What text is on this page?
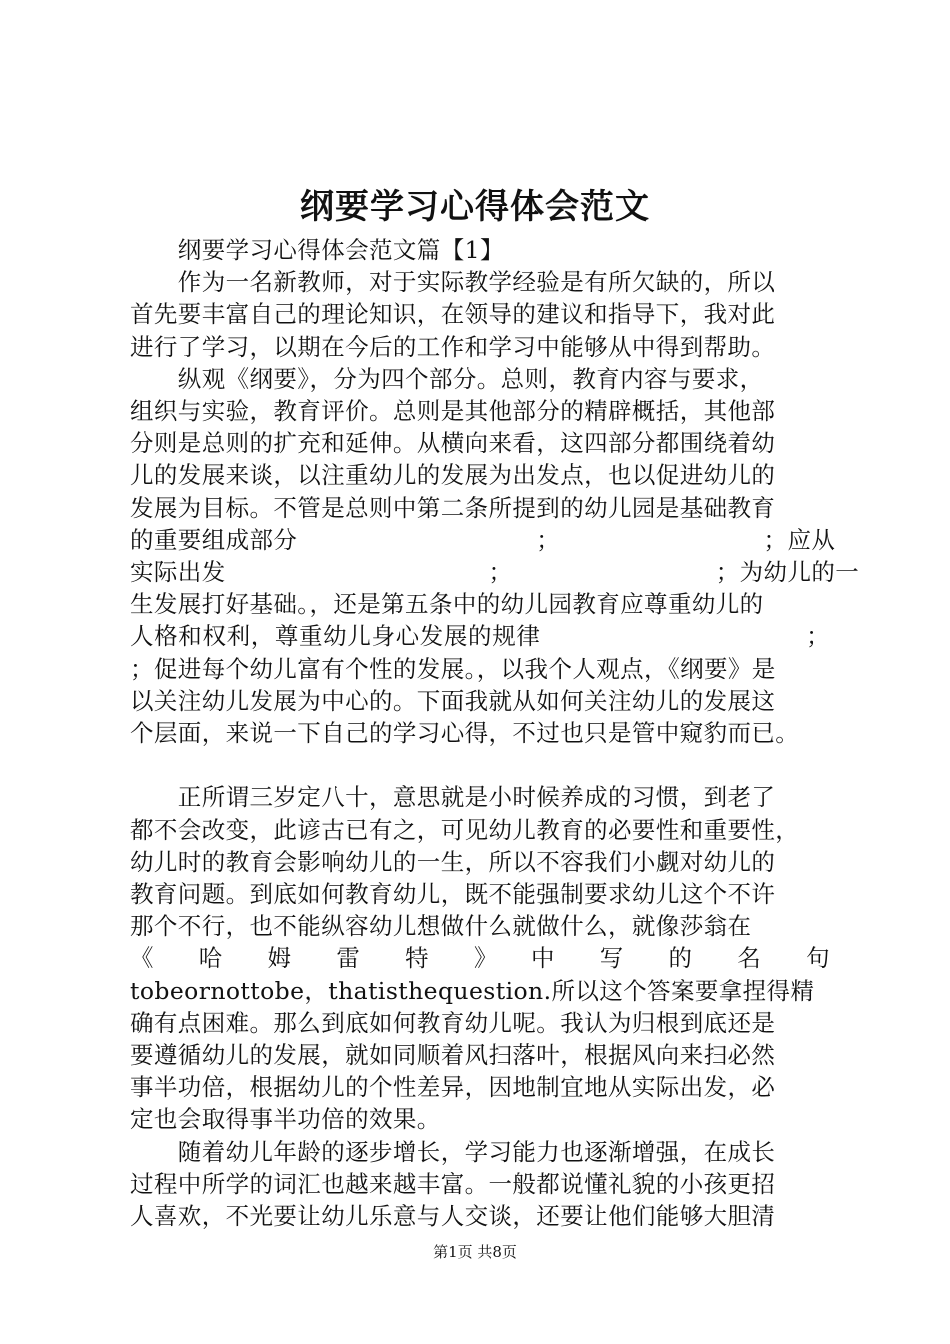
纲要学习心得体会范文
　　纲要学习心得体会范文篇【1】
　　作为一名新教师，对于实际教学经验是有所欠缺的，所以
首先要丰富自己的理论知识，在领导的建议和指导下，我对此
进行了学习，以期在今后的工作和学习中能够从中得到帮助。
　　纵观《纲要》，分为四个部分。总则，教育内容与要求，
组织与实验，教育评价。总则是其他部分的精辟概括，其他部
分则是总则的扩充和延伸。从横向来看，这四部分都围绕着幼
儿的发展来谈，以注重幼儿的发展为出发点，也以促进幼儿的
发展为目标。不管是总则中第二条所提到的幼儿园是基础教育
的重要组成部分　　　　　　　　　　；　　　　　　　　　；应从
实际出发　　　　　　　　　　　；　　　　　　　　　；为幼儿的一
生发展打好基础。，还是第五条中的幼儿园教育应尊重幼儿的
人格和权利，尊重幼儿身心发展的规律　　　　　　　　　　　；
；促进每个幼儿富有个性的发展。，以我个人观点，《纲要》是
以关注幼儿发展为中心的。下面我就从如何关注幼儿的发展这
个层面，来说一下自己的学习心得，不过也只是管中窥豹而已。
　　正所谓三岁定八十，意思就是小时候养成的习惯，到老了
都不会改变，此谚古已有之，可见幼儿教育的必要性和重要性，
幼儿时的教育会影响幼儿的一生，所以不容我们小觑对幼儿的
教育问题。到底如何教育幼儿，既不能强制要求幼儿这个不许
那个不行，也不能纵容幼儿想做什么就做什么，就像莎翁在
《　哈　姆　雷　特　》　中　写　的　名　句
tobeornottobe，thatisthequestion.所以这个答案要拿捏得精
确有点困难。那么到底如何教育幼儿呢。我认为归根到底还是
要遵循幼儿的发展，就如同顺着风扫落叶，根据风向来扫必然
事半功倍，根据幼儿的个性差异，因地制宜地从实际出发，必
定也会取得事半功倍的效果。
　　随着幼儿年龄的逐步增长，学习能力也逐渐增强，在成长
过程中所学的词汇也越来越丰富。一般都说懂礼貌的小孩更招
人喜欢，不光要让幼儿乐意与人交谈，还要让他们能够大胆清
第1页 共8页
